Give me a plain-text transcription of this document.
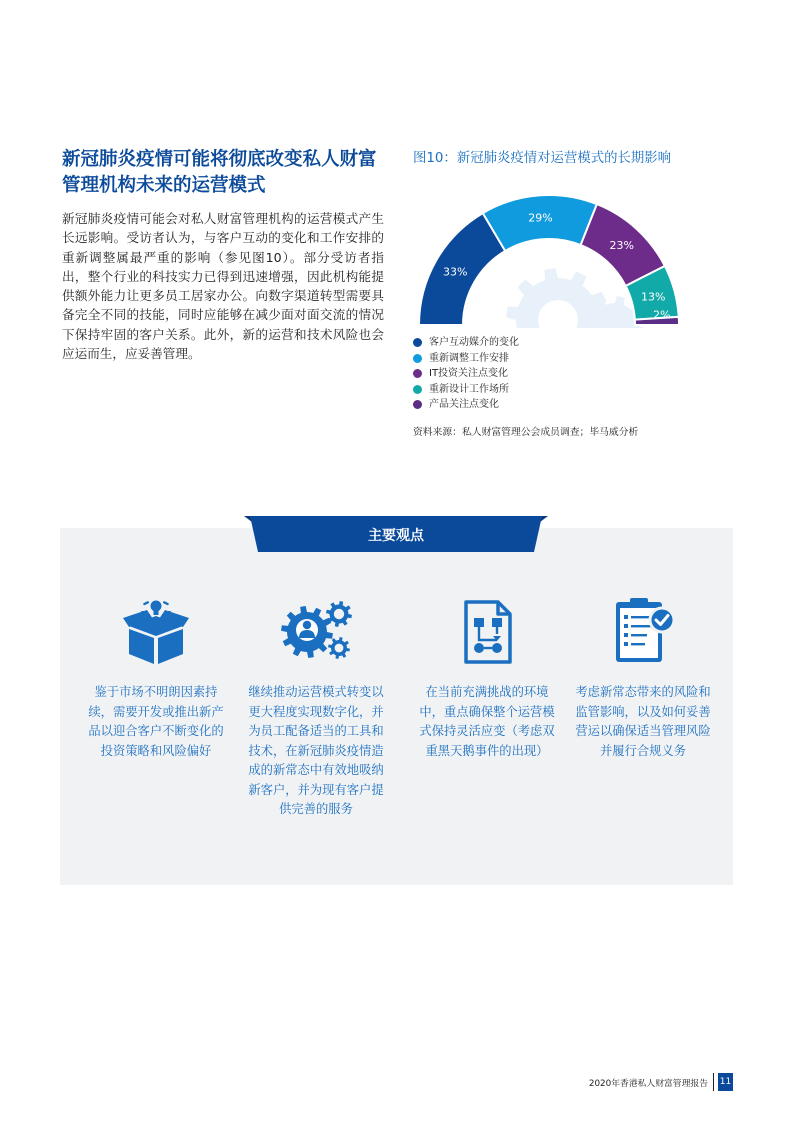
新冠肺炎疫情可能将彻底改变私人财富管理机构未来的运营模式

新冠肺炎疫情可能会对私人财富管理机构的运营模式产生长远影响。受访者认为，与客户互动的变化和工作安排的重新调整属最严重的影响（参见图10）。部分受访者指出，整个行业的科技实力已得到迅速增强，因此机构能提供额外能力让更多员工居家办公。向数字渠道转型需要具备完全不同的技能，同时应能够在减少面对面交流的情况下保持牢固的客户关系。此外，新的运营和技术风险也会应运而生，应妥善管理。

图10：新冠肺炎疫情对运营模式的长期影响

33%
29%
23%
13%
2%
客户互动媒介的变化
重新调整工作安排
IT投资关注点变化
重新设计工作场所
产品关注点变化

资料来源：私人财富管理公会成员调查；毕马威分析

主要观点

鉴于市场不明朗因素持续，需要开发或推出新产品以迎合客户不断变化的投资策略和风险偏好

继续推动运营模式转变以更大程度实现数字化，并为员工配备适当的工具和技术，在新冠肺炎疫情造成的新常态中有效地吸纳新客户，并为现有客户提供完善的服务

在当前充满挑战的环境中，重点确保整个运营模式保持灵活应变（考虑双重黑天鹅事件的出现）

考虑新常态带来的风险和监管影响，以及如何妥善营运以确保适当管理风险并履行合规义务

2020年香港私人财富管理报告 11
